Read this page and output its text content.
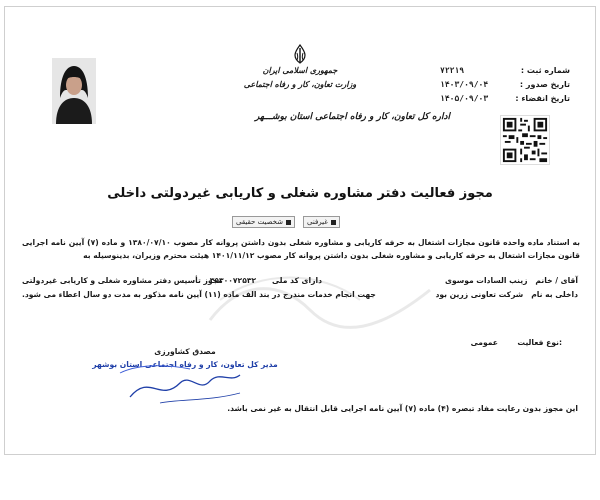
جمهوری اسلامی ایران
وزارت تعاون، کار و رفاه اجتماعی
اداره کل تعاون، کار و رفاه اجتماعی استان بوشـــهر
شماره ثبت :
۷۲۲۱۹
تاریخ صدور :
۱۴۰۳/۰۹/۰۴
تاریخ انقضاء :
۱۴۰۵/۰۹/۰۳
مجوز فعالیت دفتر مشاوره شغلی و کاریابی غیردولتی داخلی
غیرفنی
شخصیت حقیقی
به استناد ماده واحده قانون مجازات اشتغال به حرفه کاریابی و مشاوره شغلی بدون داشتن پروانه کار مصوب ۱۳۸۰/۰۷/۱۰ و ماده (۷) آیین نامه اجرایی قانون مجازات اشتغال به حرفه کاریابی و مشاوره شغلی بدون داشتن پروانه کار مصوب ۱۴۰۱/۱۱/۱۲ هیئت محترم وزیران، بدینوسیله به
آقای / خانم   زینب السادات موسوی
دارای کد ملی      ۳۵۳۰۰۷۲۵۳۲
مجوز تأسیس دفتر مشاوره شغلی و کاریابی غیردولتی
داخلی به نام   شرکت تعاونی زرین بود
جهت انجام خدمات مندرج در بند الف ماده (۱۱) آیین نامه مذکور به مدت دو سال اعطاء می شود.
:نوع فعالیت
عمومی
مصدق کشاورزی
مدیر کل تعاون، کار و رفاه اجتماعی استان بوشهر
این مجوز بدون رعایت مفاد تبصره (۴) ماده (۷) آیین نامه اجرایی قابل انتقال به غیر نمی باشد.
